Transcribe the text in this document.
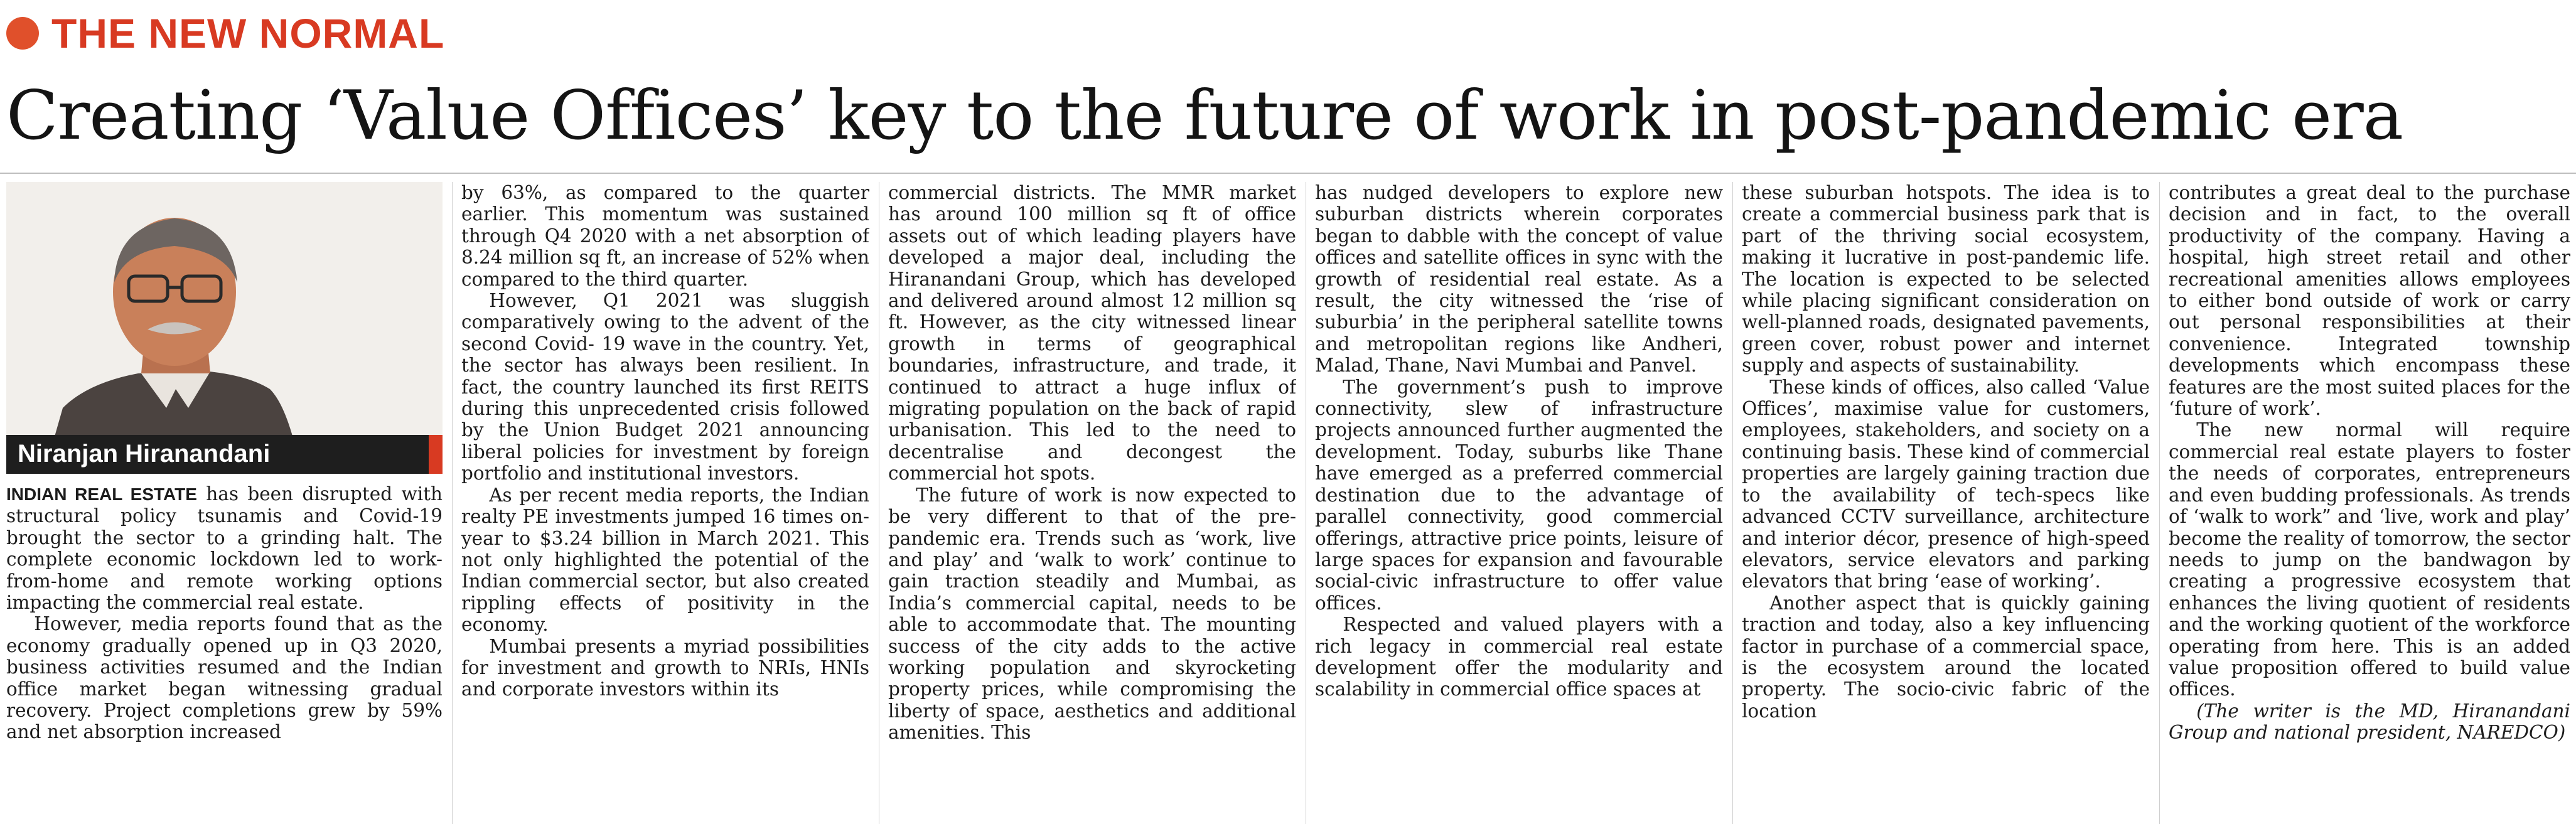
THE NEW NORMAL
Creating ‘Value Offices’ key to the future of work in post-pandemic era
Niranjan Hiranandani

INDIAN REAL ESTATE has been disrupted with structural policy tsunamis and Covid-19 brought the sector to a grinding halt. The complete economic lockdown led to work-from-home and remote working options impacting the commercial real estate.

However, media reports found that as the economy gradually opened up in Q3 2020, business activities resumed and the Indian office market began witnessing gradual recovery. Project completions grew by 59% and net absorption increased

by 63%, as compared to the quarter earlier. This momentum was sustained through Q4 2020 with a net absorption of 8.24 million sq ft, an increase of 52% when compared to the third quarter.

However, Q1 2021 was sluggish comparatively owing to the advent of the second Covid- 19 wave in the country. Yet, the sector has always been resilient. In fact, the country launched its first REITS during this unprecedented crisis followed by the Union Budget 2021 announcing liberal policies for investment by foreign portfolio and institutional investors.

As per recent media reports, the Indian realty PE investments jumped 16 times on-year to $3.24 billion in March 2021. This not only highlighted the potential of the Indian commercial sector, but also created rippling effects of positivity in the economy.

Mumbai presents a myriad possibilities for investment and growth to NRIs, HNIs and corporate investors within its

commercial districts. The MMR market has around 100 million sq ft of office assets out of which leading players have developed a major deal, including the Hiranandani Group, which has developed and delivered around almost 12 million sq ft. However, as the city witnessed linear growth in terms of geographical boundaries, infrastructure, and trade, it continued to attract a huge influx of migrating population on the back of rapid urbanisation. This led to the need to decentralise and decongest the commercial hot spots.

The future of work is now expected to be very different to that of the pre- pandemic era. Trends such as ‘work, live and play’ and ‘walk to work’ continue to gain traction steadily and Mumbai, as India’s commercial capital, needs to be able to accommodate that. The mounting success of the city adds to the active working population and skyrocketing property prices, while compromising the liberty of space, aesthetics and additional amenities. This

has nudged developers to explore new suburban districts wherein corporates began to dabble with the concept of value offices and satellite offices in sync with the growth of residential real estate. As a result, the city witnessed the ‘rise of suburbia’ in the peripheral satellite towns and metropolitan regions like Andheri, Malad, Thane, Navi Mumbai and Panvel.

The government’s push to improve connectivity, slew of infrastructure projects announced further augmented the development. Today, suburbs like Thane have emerged as a preferred commercial destination due to the advantage of parallel connectivity, good commercial offerings, attractive price points, leisure of large spaces for expansion and favourable social-civic infrastructure to offer value offices.

Respected and valued players with a rich legacy in commercial real estate development offer the modularity and scalability in commercial office spaces at

these suburban hotspots. The idea is to create a commercial business park that is part of the thriving social ecosystem, making it lucrative in post-pandemic life. The location is expected to be selected while placing significant consideration on well-planned roads, designated pavements, green cover, robust power and internet supply and aspects of sustainability.

These kinds of offices, also called ‘Value Offices’, maximise value for customers, employees, stakeholders, and society on a continuing basis. These kind of commercial properties are largely gaining traction due to the availability of tech-specs like advanced CCTV surveillance, architecture and interior décor, presence of high-speed elevators, service elevators and parking elevators that bring ‘ease of working’.

Another aspect that is quickly gaining traction and today, also a key influencing factor in purchase of a commercial space, is the ecosystem around the located property. The socio-civic fabric of the location

contributes a great deal to the purchase decision and in fact, to the overall productivity of the company. Having a hospital, high street retail and other recreational amenities allows employees to either bond outside of work or carry out personal responsibilities at their convenience. Integrated township developments which encompass these features are the most suited places for the ‘future of work’.

The new normal will require commercial real estate players to foster the needs of corporates, entrepreneurs and even budding professionals. As trends of ‘walk to work” and ‘live, work and play’ become the reality of tomorrow, the sector needs to jump on the bandwagon by creating a progressive ecosystem that enhances the living quotient of residents and the working quotient of the workforce operating from here. This is an added value proposition offered to build value offices.

(The writer is the MD, Hiranandani Group and national president, NAREDCO)
